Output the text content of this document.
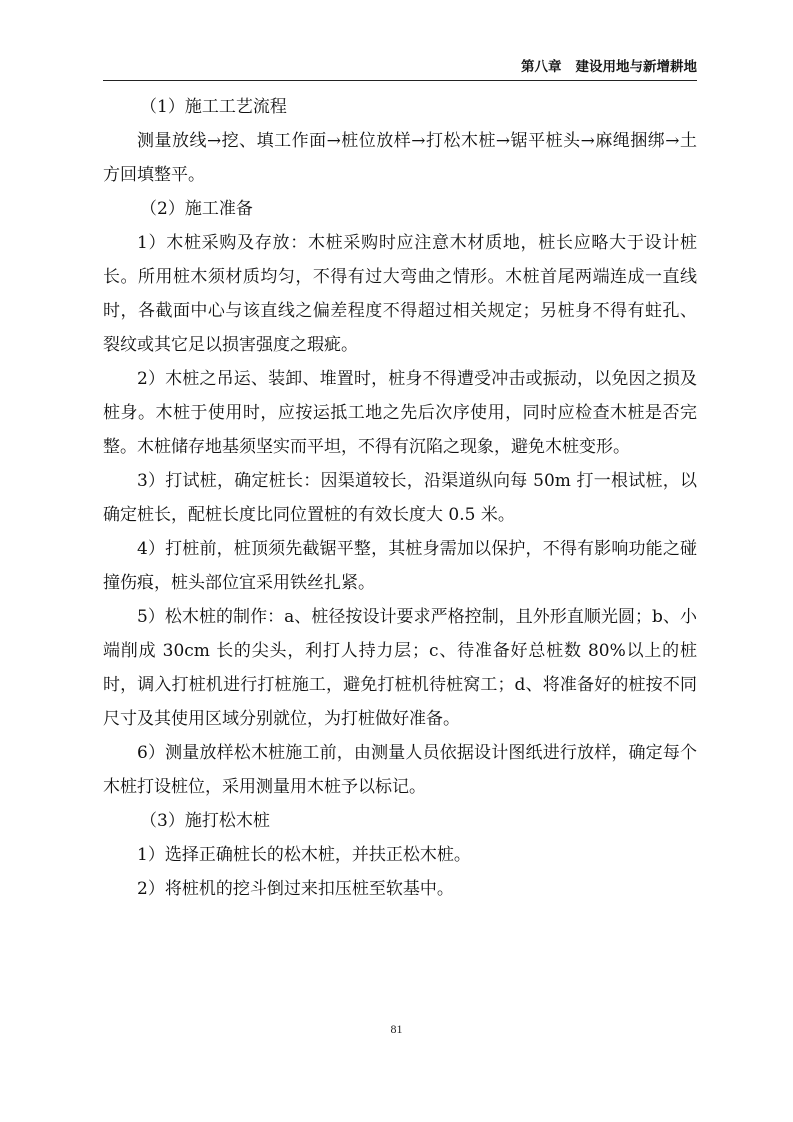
第八章 建设用地与新增耕地

（1）施工工艺流程

测量放线→挖、填工作面→桩位放样→打松木桩→锯平桩头→麻绳捆绑→土方回填整平。

（2）施工准备

1）木桩采购及存放：木桩采购时应注意木材质地，桩长应略大于设计桩长。所用桩木须材质均匀，不得有过大弯曲之情形。木桩首尾两端连成一直线时，各截面中心与该直线之偏差程度不得超过相关规定；另桩身不得有蛀孔、裂纹或其它足以损害强度之瑕疵。

2）木桩之吊运、装卸、堆置时，桩身不得遭受冲击或振动，以免因之损及桩身。木桩于使用时，应按运抵工地之先后次序使用，同时应检查木桩是否完整。木桩储存地基须坚实而平坦，不得有沉陷之现象，避免木桩变形。

3）打试桩，确定桩长：因渠道较长，沿渠道纵向每 50m 打一根试桩，以确定桩长，配桩长度比同位置桩的有效长度大 0.5 米。

4）打桩前，桩顶须先截锯平整，其桩身需加以保护，不得有影响功能之碰撞伤痕，桩头部位宜采用铁丝扎紧。

5）松木桩的制作：a、桩径按设计要求严格控制，且外形直顺光圆；b、小端削成 30cm 长的尖头，利打人持力层；c、待准备好总桩数 80%以上的桩时，调入打桩机进行打桩施工，避免打桩机待桩窝工；d、将准备好的桩按不同尺寸及其使用区域分别就位，为打桩做好准备。

6）测量放样松木桩施工前，由测量人员依据设计图纸进行放样，确定每个木桩打设桩位，采用测量用木桩予以标记。

（3）施打松木桩

1）选择正确桩长的松木桩，并扶正松木桩。

2）将桩机的挖斗倒过来扣压桩至软基中。

81
